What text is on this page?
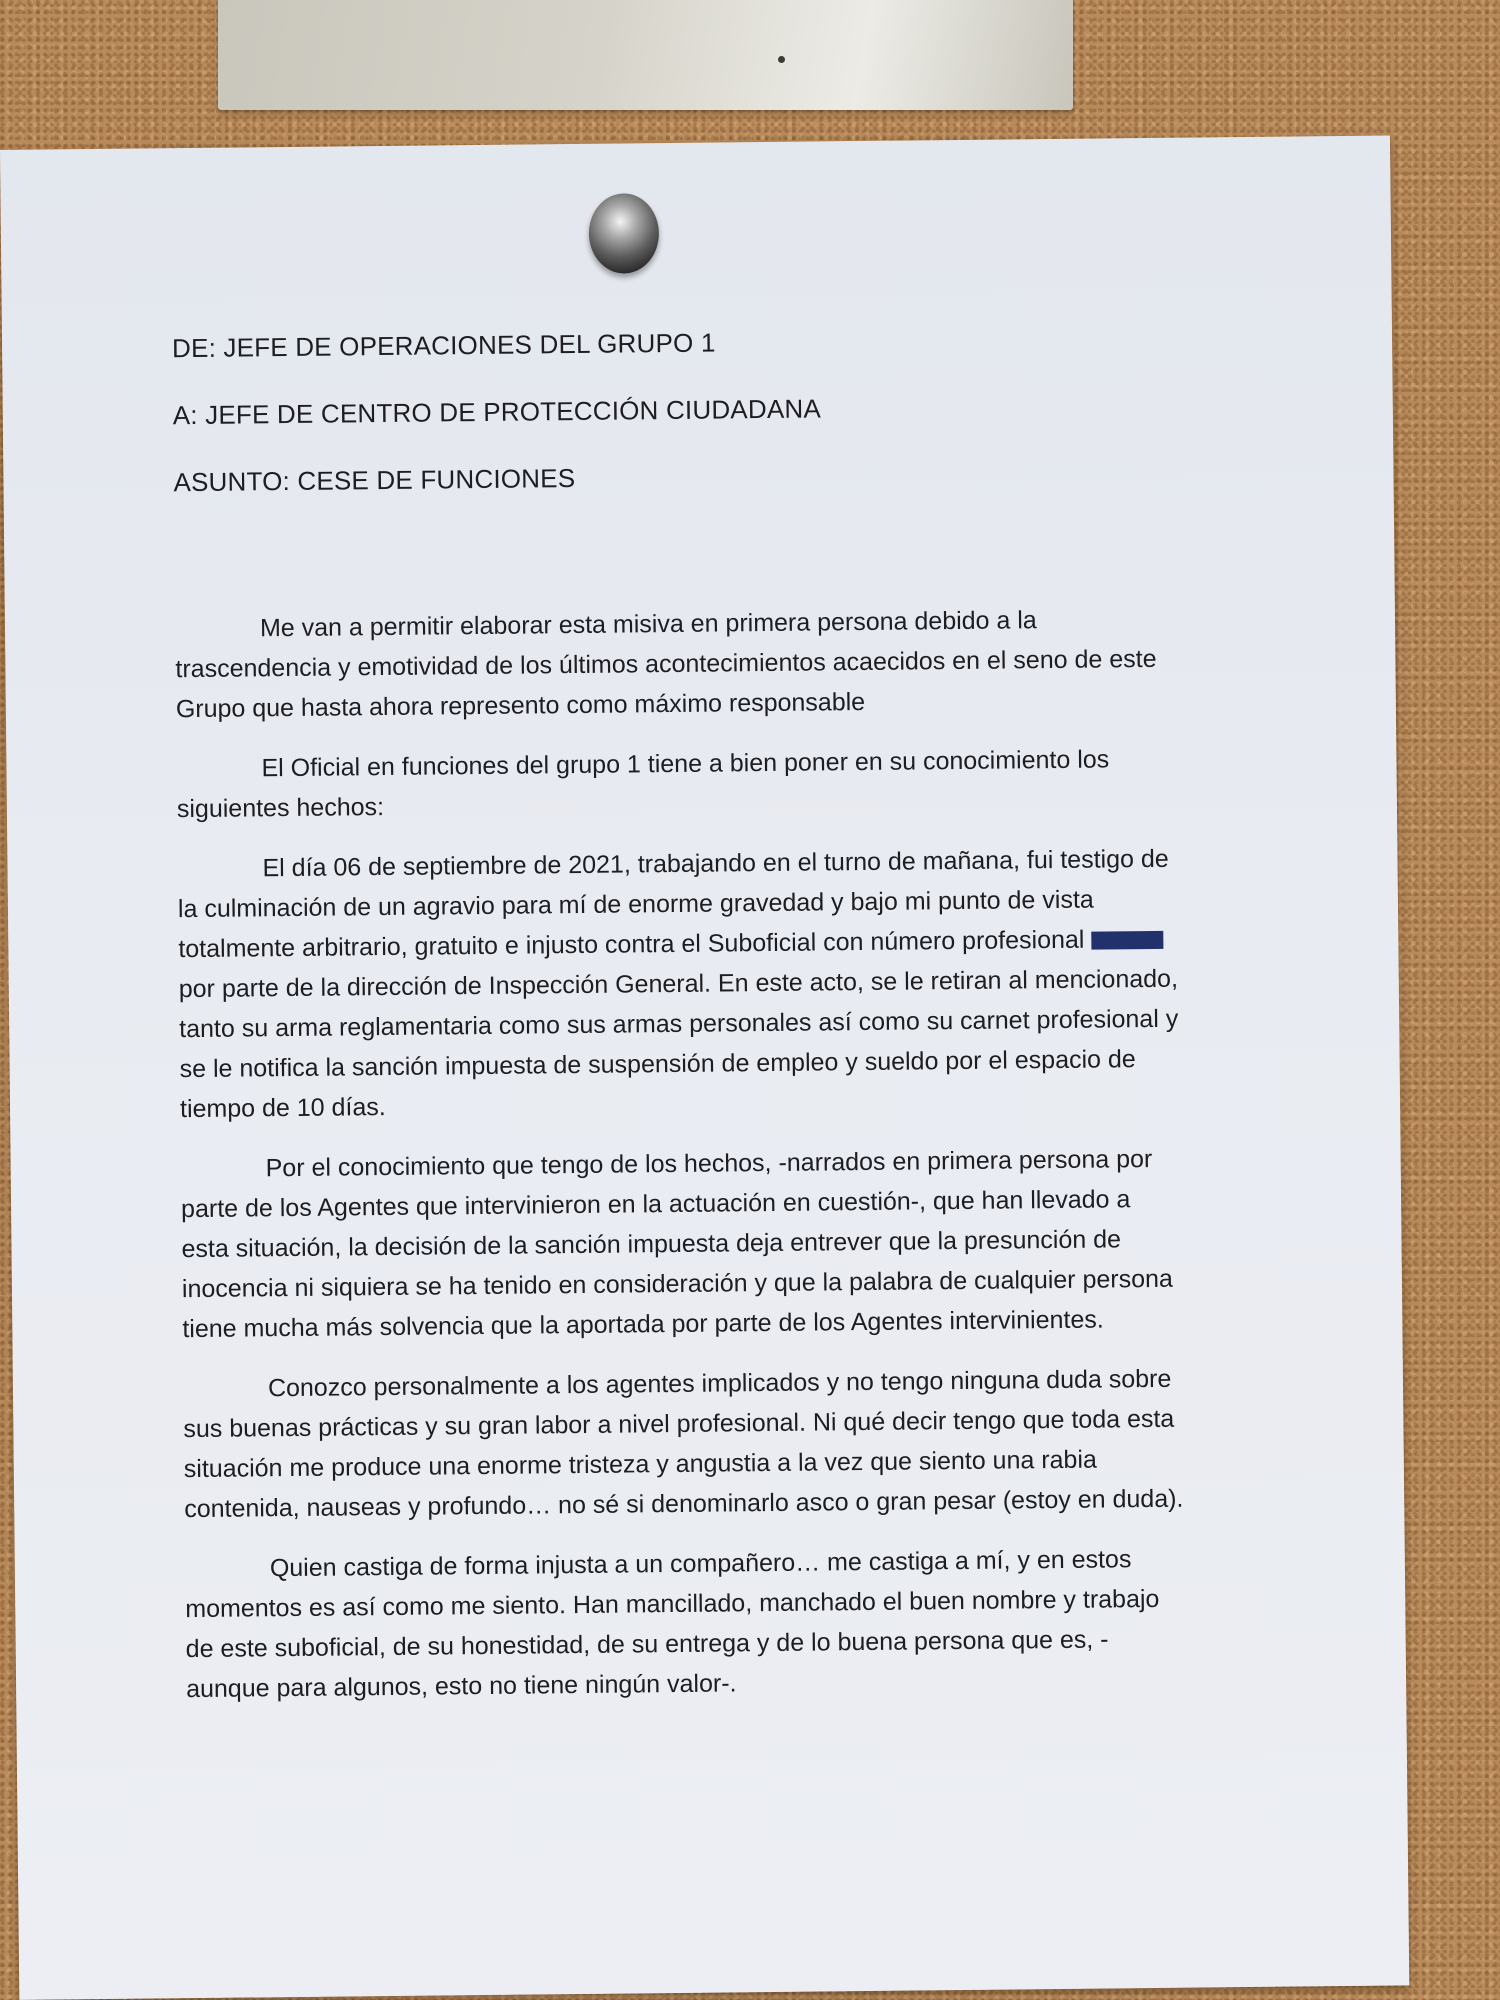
DE: JEFE DE OPERACIONES DEL GRUPO 1

A: JEFE DE CENTRO DE PROTECCIÓN CIUDADANA

ASUNTO: CESE DE FUNCIONES

Me van a permitir elaborar esta misiva en primera persona debido a la trascendencia y emotividad de los últimos acontecimientos acaecidos en el seno de este Grupo que hasta ahora represento como máximo responsable

El Oficial en funciones del grupo 1 tiene a bien poner en su conocimiento los siguientes hechos:

El día 06 de septiembre de 2021, trabajando en el turno de mañana, fui testigo de la culminación de un agravio para mí de enorme gravedad y bajo mi punto de vista totalmente arbitrario, gratuito e injusto contra el Suboficial con número profesional por parte de la dirección de Inspección General. En este acto, se le retiran al mencionado, tanto su arma reglamentaria como sus armas personales así como su carnet profesional y se le notifica la sanción impuesta de suspensión de empleo y sueldo por el espacio de tiempo de 10 días.

Por el conocimiento que tengo de los hechos, -narrados en primera persona por parte de los Agentes que intervinieron en la actuación en cuestión-, que han llevado a esta situación, la decisión de la sanción impuesta deja entrever que la presunción de inocencia ni siquiera se ha tenido en consideración y que la palabra de cualquier persona tiene mucha más solvencia que la aportada por parte de los Agentes intervinientes.

Conozco personalmente a los agentes implicados y no tengo ninguna duda sobre sus buenas prácticas y su gran labor a nivel profesional. Ni qué decir tengo que toda esta situación me produce una enorme tristeza y angustia a la vez que siento una rabia contenida, nauseas y profundo… no sé si denominarlo asco o gran pesar (estoy en duda).

Quien castiga de forma injusta a un compañero… me castiga a mí, y en estos momentos es así como me siento. Han mancillado, manchado el buen nombre y trabajo de este suboficial, de su honestidad, de su entrega y de lo buena persona que es, -aunque para algunos, esto no tiene ningún valor-.
